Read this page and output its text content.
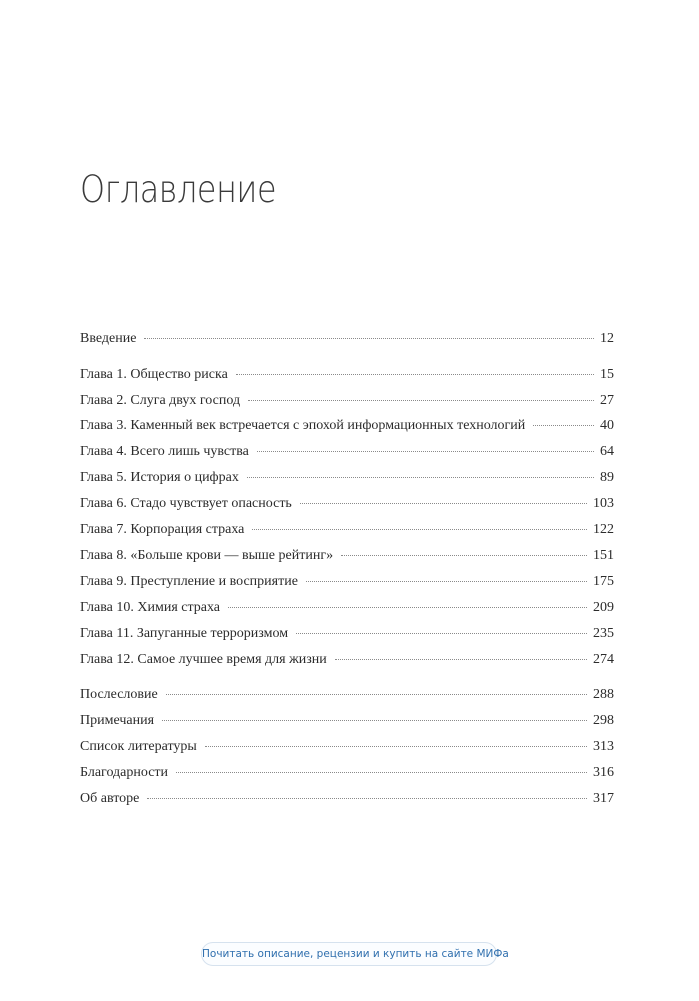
Оглавление
Введение	12
Глава 1. Общество риска	15
Глава 2. Слуга двух господ	27
Глава 3. Каменный век встречается с эпохой информационных технологий	40
Глава 4. Всего лишь чувства	64
Глава 5. История о цифрах	89
Глава 6. Стадо чувствует опасность	103
Глава 7. Корпорация страха	122
Глава 8. «Больше крови — выше рейтинг»	151
Глава 9. Преступление и восприятие	175
Глава 10. Химия страха	209
Глава 11. Запуганные терроризмом	235
Глава 12. Самое лучшее время для жизни	274
Послесловие	288
Примечания	298
Список литературы	313
Благодарности	316
Об авторе	317
Почитать описание, рецензии и купить на сайте МИФа
